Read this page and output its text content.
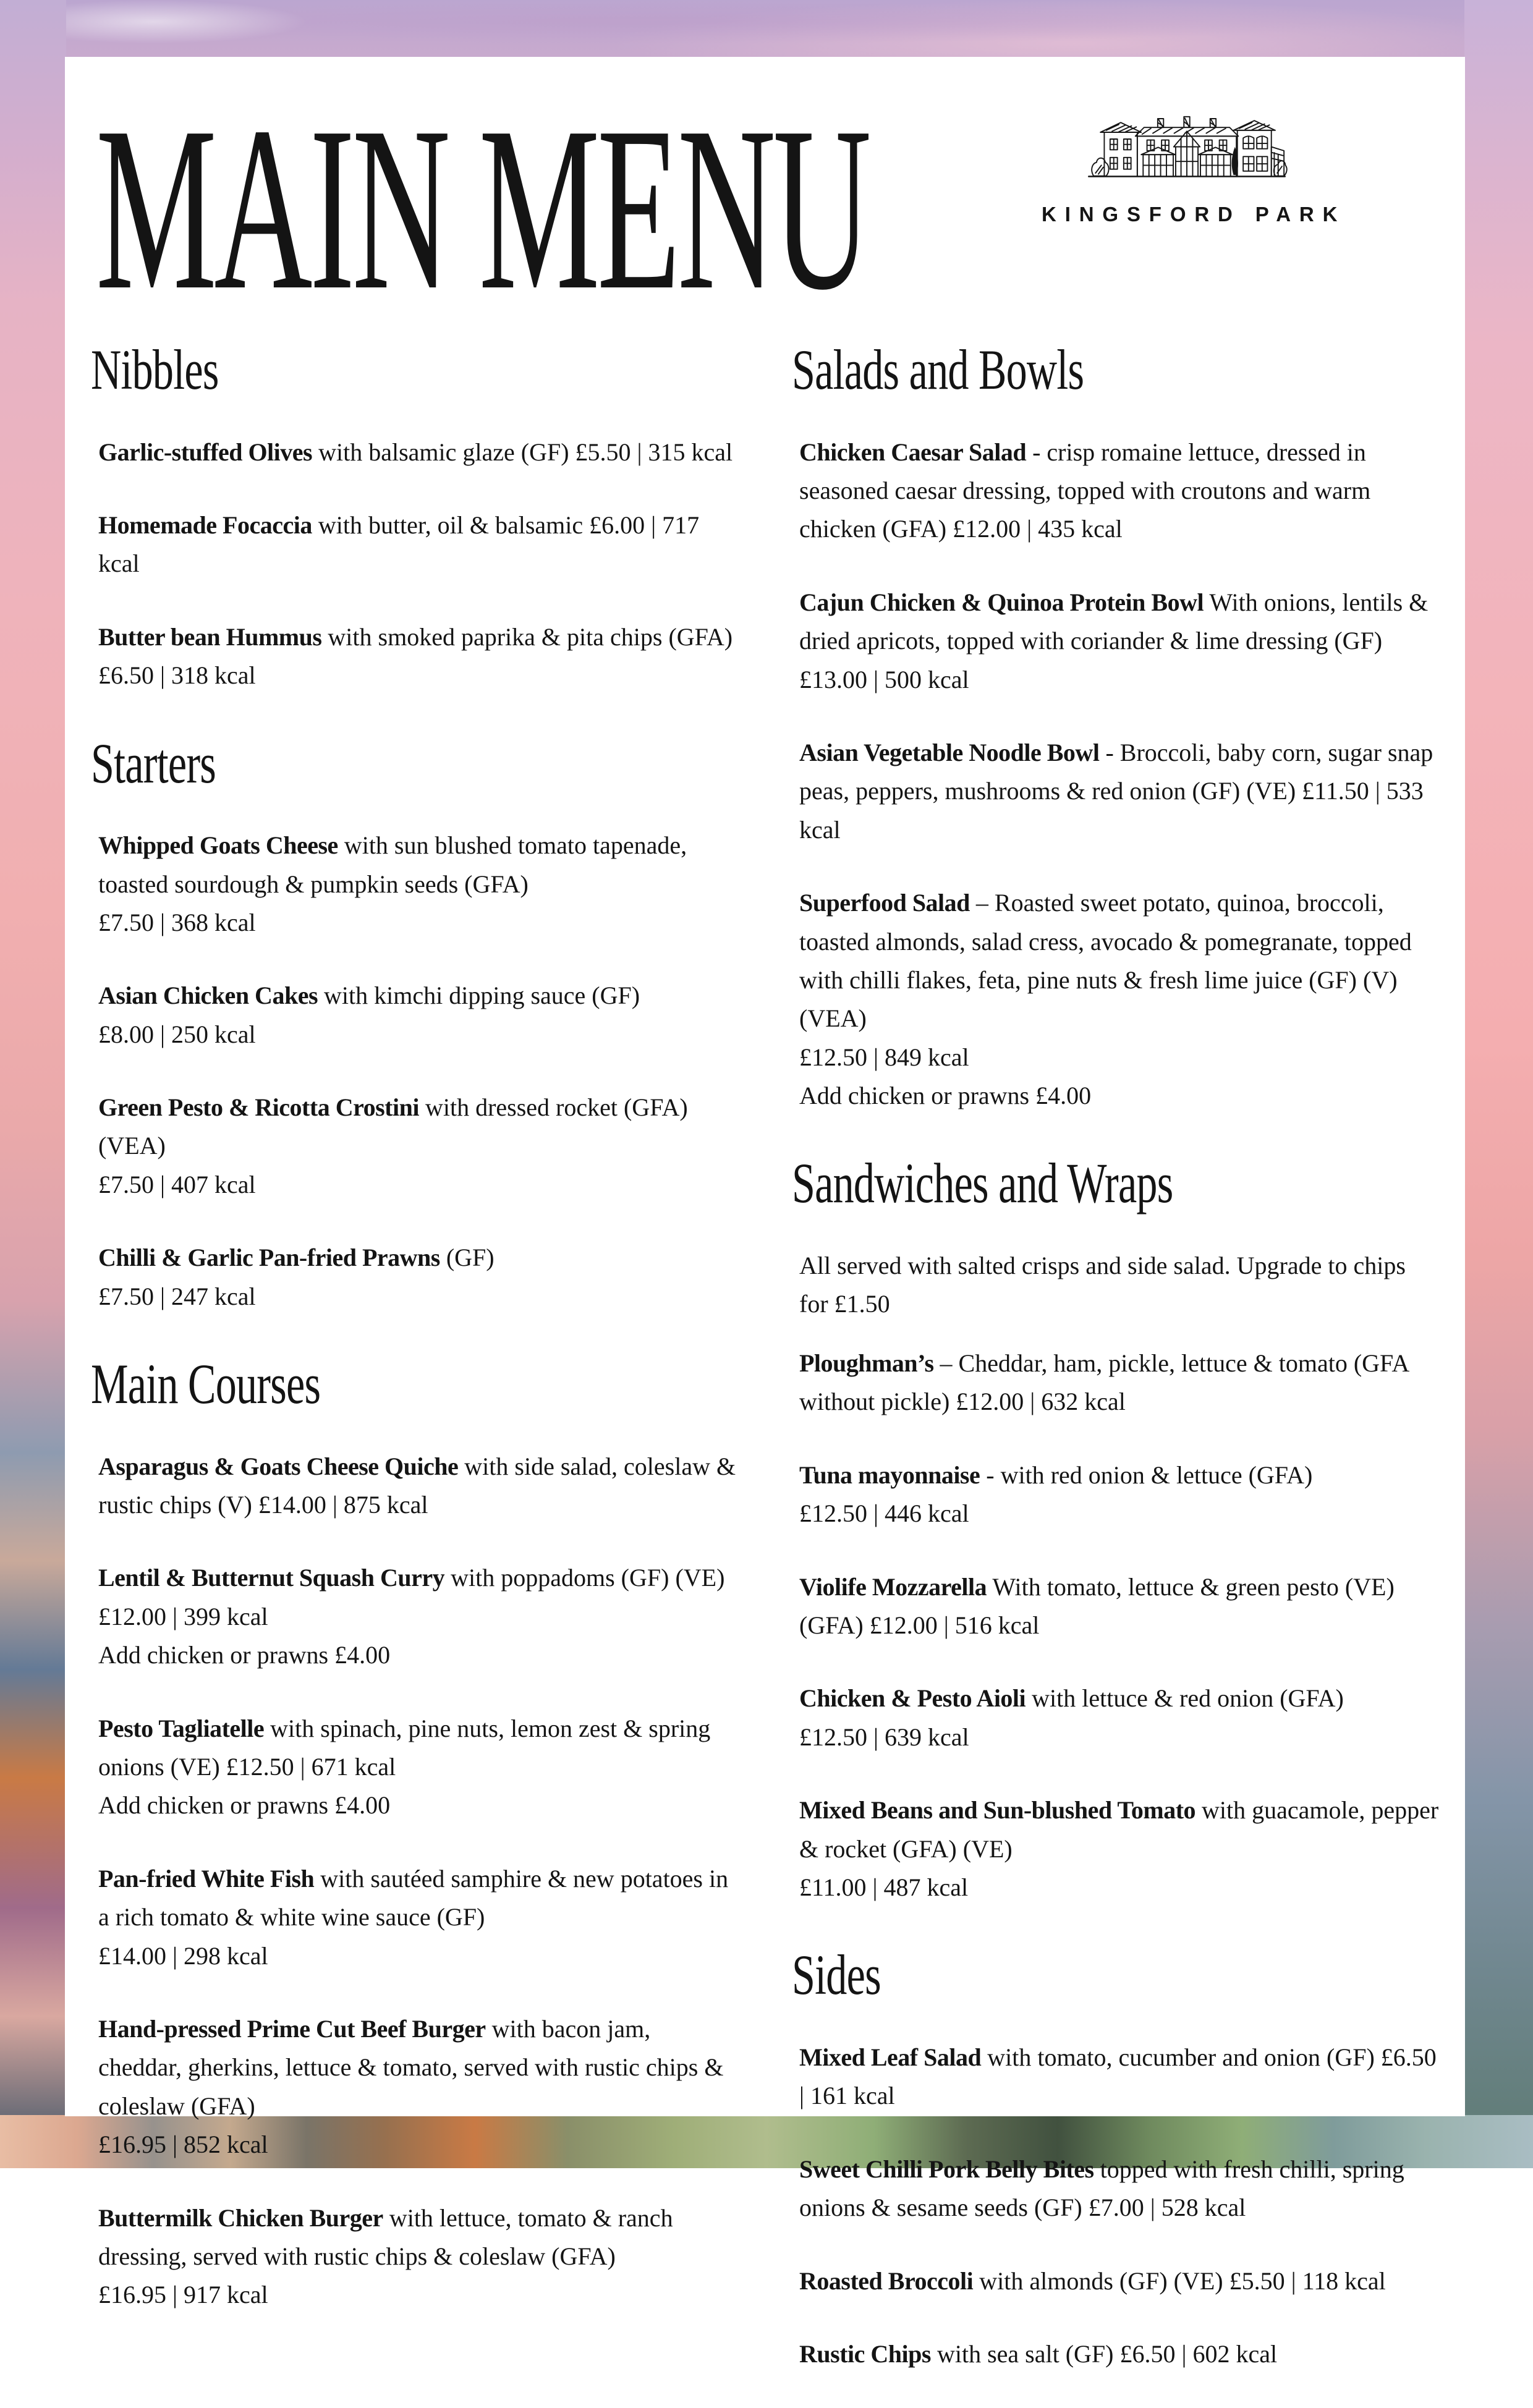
MAIN MENU	KINGSFORD PARK
Nibbles

Garlic-stuffed Olives with balsamic glaze (GF) £5.50 | 315 kcal

Homemade Focaccia with butter, oil & balsamic £6.00 | 717 kcal

Butter bean Hummus with smoked paprika & pita chips (GFA)
£6.50 | 318 kcal

Starters

Whipped Goats Cheese with sun blushed tomato tapenade, toasted sourdough & pumpkin seeds (GFA)
£7.50 | 368 kcal

Asian Chicken Cakes with kimchi dipping sauce (GF)
£8.00 | 250 kcal

Green Pesto & Ricotta Crostini with dressed rocket (GFA) (VEA)
£7.50 | 407 kcal

Chilli & Garlic Pan-fried Prawns (GF)
£7.50 | 247 kcal

Main Courses

Asparagus & Goats Cheese Quiche with side salad, coleslaw & rustic chips (V) £14.00 | 875 kcal

Lentil & Butternut Squash Curry with poppadoms (GF) (VE)
£12.00 | 399 kcal
Add chicken or prawns £4.00

Pesto Tagliatelle with spinach, pine nuts, lemon zest & spring onions (VE) £12.50 | 671 kcal
Add chicken or prawns £4.00

Pan-fried White Fish with sautéed samphire & new potatoes in a rich tomato & white wine sauce (GF)
£14.00 | 298 kcal

Hand-pressed Prime Cut Beef Burger with bacon jam, cheddar, gherkins, lettuce & tomato, served with rustic chips & coleslaw (GFA)
£16.95 | 852 kcal

Buttermilk Chicken Burger with lettuce, tomato & ranch dressing, served with rustic chips & coleslaw (GFA)
£16.95 | 917 kcal

Salads and Bowls

Chicken Caesar Salad - crisp romaine lettuce, dressed in seasoned caesar dressing, topped with croutons and warm chicken (GFA) £12.00 | 435 kcal

Cajun Chicken & Quinoa Protein Bowl With onions, lentils & dried apricots, topped with coriander & lime dressing (GF) £13.00 | 500 kcal

Asian Vegetable Noodle Bowl - Broccoli, baby corn, sugar snap peas, peppers, mushrooms & red onion (GF) (VE) £11.50 | 533 kcal

Superfood Salad – Roasted sweet potato, quinoa, broccoli, toasted almonds, salad cress, avocado & pomegranate, topped with chilli flakes, feta, pine nuts & fresh lime juice (GF) (V) (VEA)
£12.50 | 849 kcal
Add chicken or prawns £4.00

Sandwiches and Wraps

All served with salted crisps and side salad. Upgrade to chips for £1.50

Ploughman’s – Cheddar, ham, pickle, lettuce & tomato (GFA without pickle) £12.00 | 632 kcal

Tuna mayonnaise - with red onion & lettuce (GFA)
£12.50 | 446 kcal

Violife Mozzarella With tomato, lettuce & green pesto (VE) (GFA) £12.00 | 516 kcal

Chicken & Pesto Aioli with lettuce & red onion (GFA)
£12.50 | 639 kcal

Mixed Beans and Sun-blushed Tomato with guacamole, pepper & rocket (GFA) (VE)
£11.00 | 487 kcal

Sides

Mixed Leaf Salad with tomato, cucumber and onion (GF) £6.50 | 161 kcal

Sweet Chilli Pork Belly Bites topped with fresh chilli, spring onions & sesame seeds (GF) £7.00 | 528 kcal

Roasted Broccoli with almonds (GF) (VE) £5.50 | 118 kcal

Rustic Chips with sea salt (GF) £6.50 | 602 kcal
